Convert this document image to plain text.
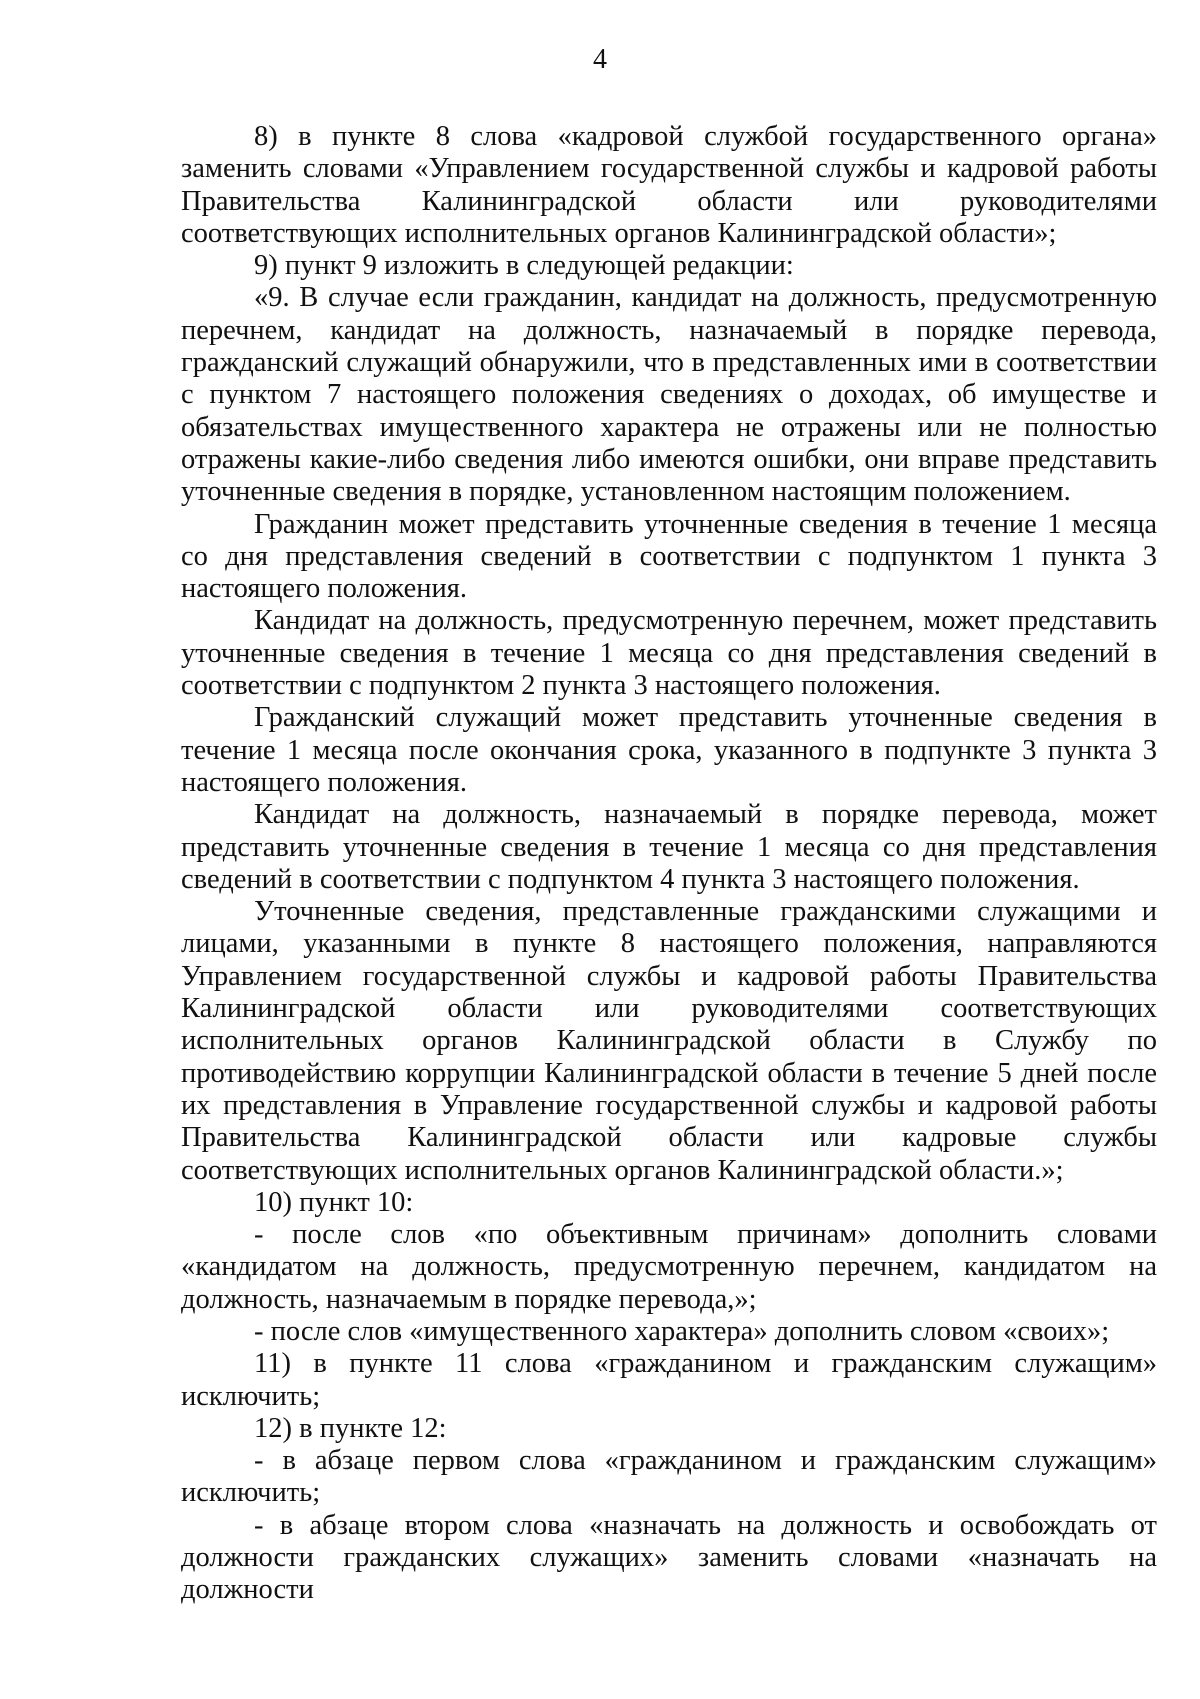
4

8) в пункте 8 слова «кадровой службой государственного органа» заменить словами «Управлением государственной службы и кадровой работы Правительства Калининградской области или руководителями соответствующих исполнительных органов Калининградской области»;

9) пункт 9 изложить в следующей редакции:

«9. В случае если гражданин, кандидат на должность, предусмотренную перечнем, кандидат на должность, назначаемый в порядке перевода, гражданский служащий обнаружили, что в представленных ими в соответствии с пунктом 7 настоящего положения сведениях о доходах, об имуществе и обязательствах имущественного характера не отражены или не полностью отражены какие-либо сведения либо имеются ошибки, они вправе представить уточненные сведения в порядке, установленном настоящим положением.

Гражданин может представить уточненные сведения в течение 1 месяца со дня представления сведений в соответствии с подпунктом 1 пункта 3 настоящего положения.

Кандидат на должность, предусмотренную перечнем, может представить уточненные сведения в течение 1 месяца со дня представления сведений в соответствии с подпунктом 2 пункта 3 настоящего положения.

Гражданский служащий может представить уточненные сведения в течение 1 месяца после окончания срока, указанного в подпункте 3 пункта 3 настоящего положения.

Кандидат на должность, назначаемый в порядке перевода, может представить уточненные сведения в течение 1 месяца со дня представления сведений в соответствии с подпунктом 4 пункта 3 настоящего положения.

Уточненные сведения, представленные гражданскими служащими и лицами, указанными в пункте 8 настоящего положения, направляются Управлением государственной службы и кадровой работы Правительства Калининградской области или руководителями соответствующих исполнительных органов Калининградской области в Службу по противодействию коррупции Калининградской области в течение 5 дней после их представления в Управление государственной службы и кадровой работы Правительства Калининградской области или кадровые службы соответствующих исполнительных органов Калининградской области.»;

10) пункт 10:

- после слов «по объективным причинам» дополнить словами «кандидатом на должность, предусмотренную перечнем, кандидатом на должность, назначаемым в порядке перевода,»;

- после слов «имущественного характера» дополнить словом «своих»;

11) в пункте 11 слова «гражданином и гражданским служащим» исключить;

12) в пункте 12:

- в абзаце первом слова «гражданином и гражданским служащим» исключить;

- в абзаце втором слова «назначать на должность и освобождать от должности гражданских служащих» заменить словами «назначать на должности
